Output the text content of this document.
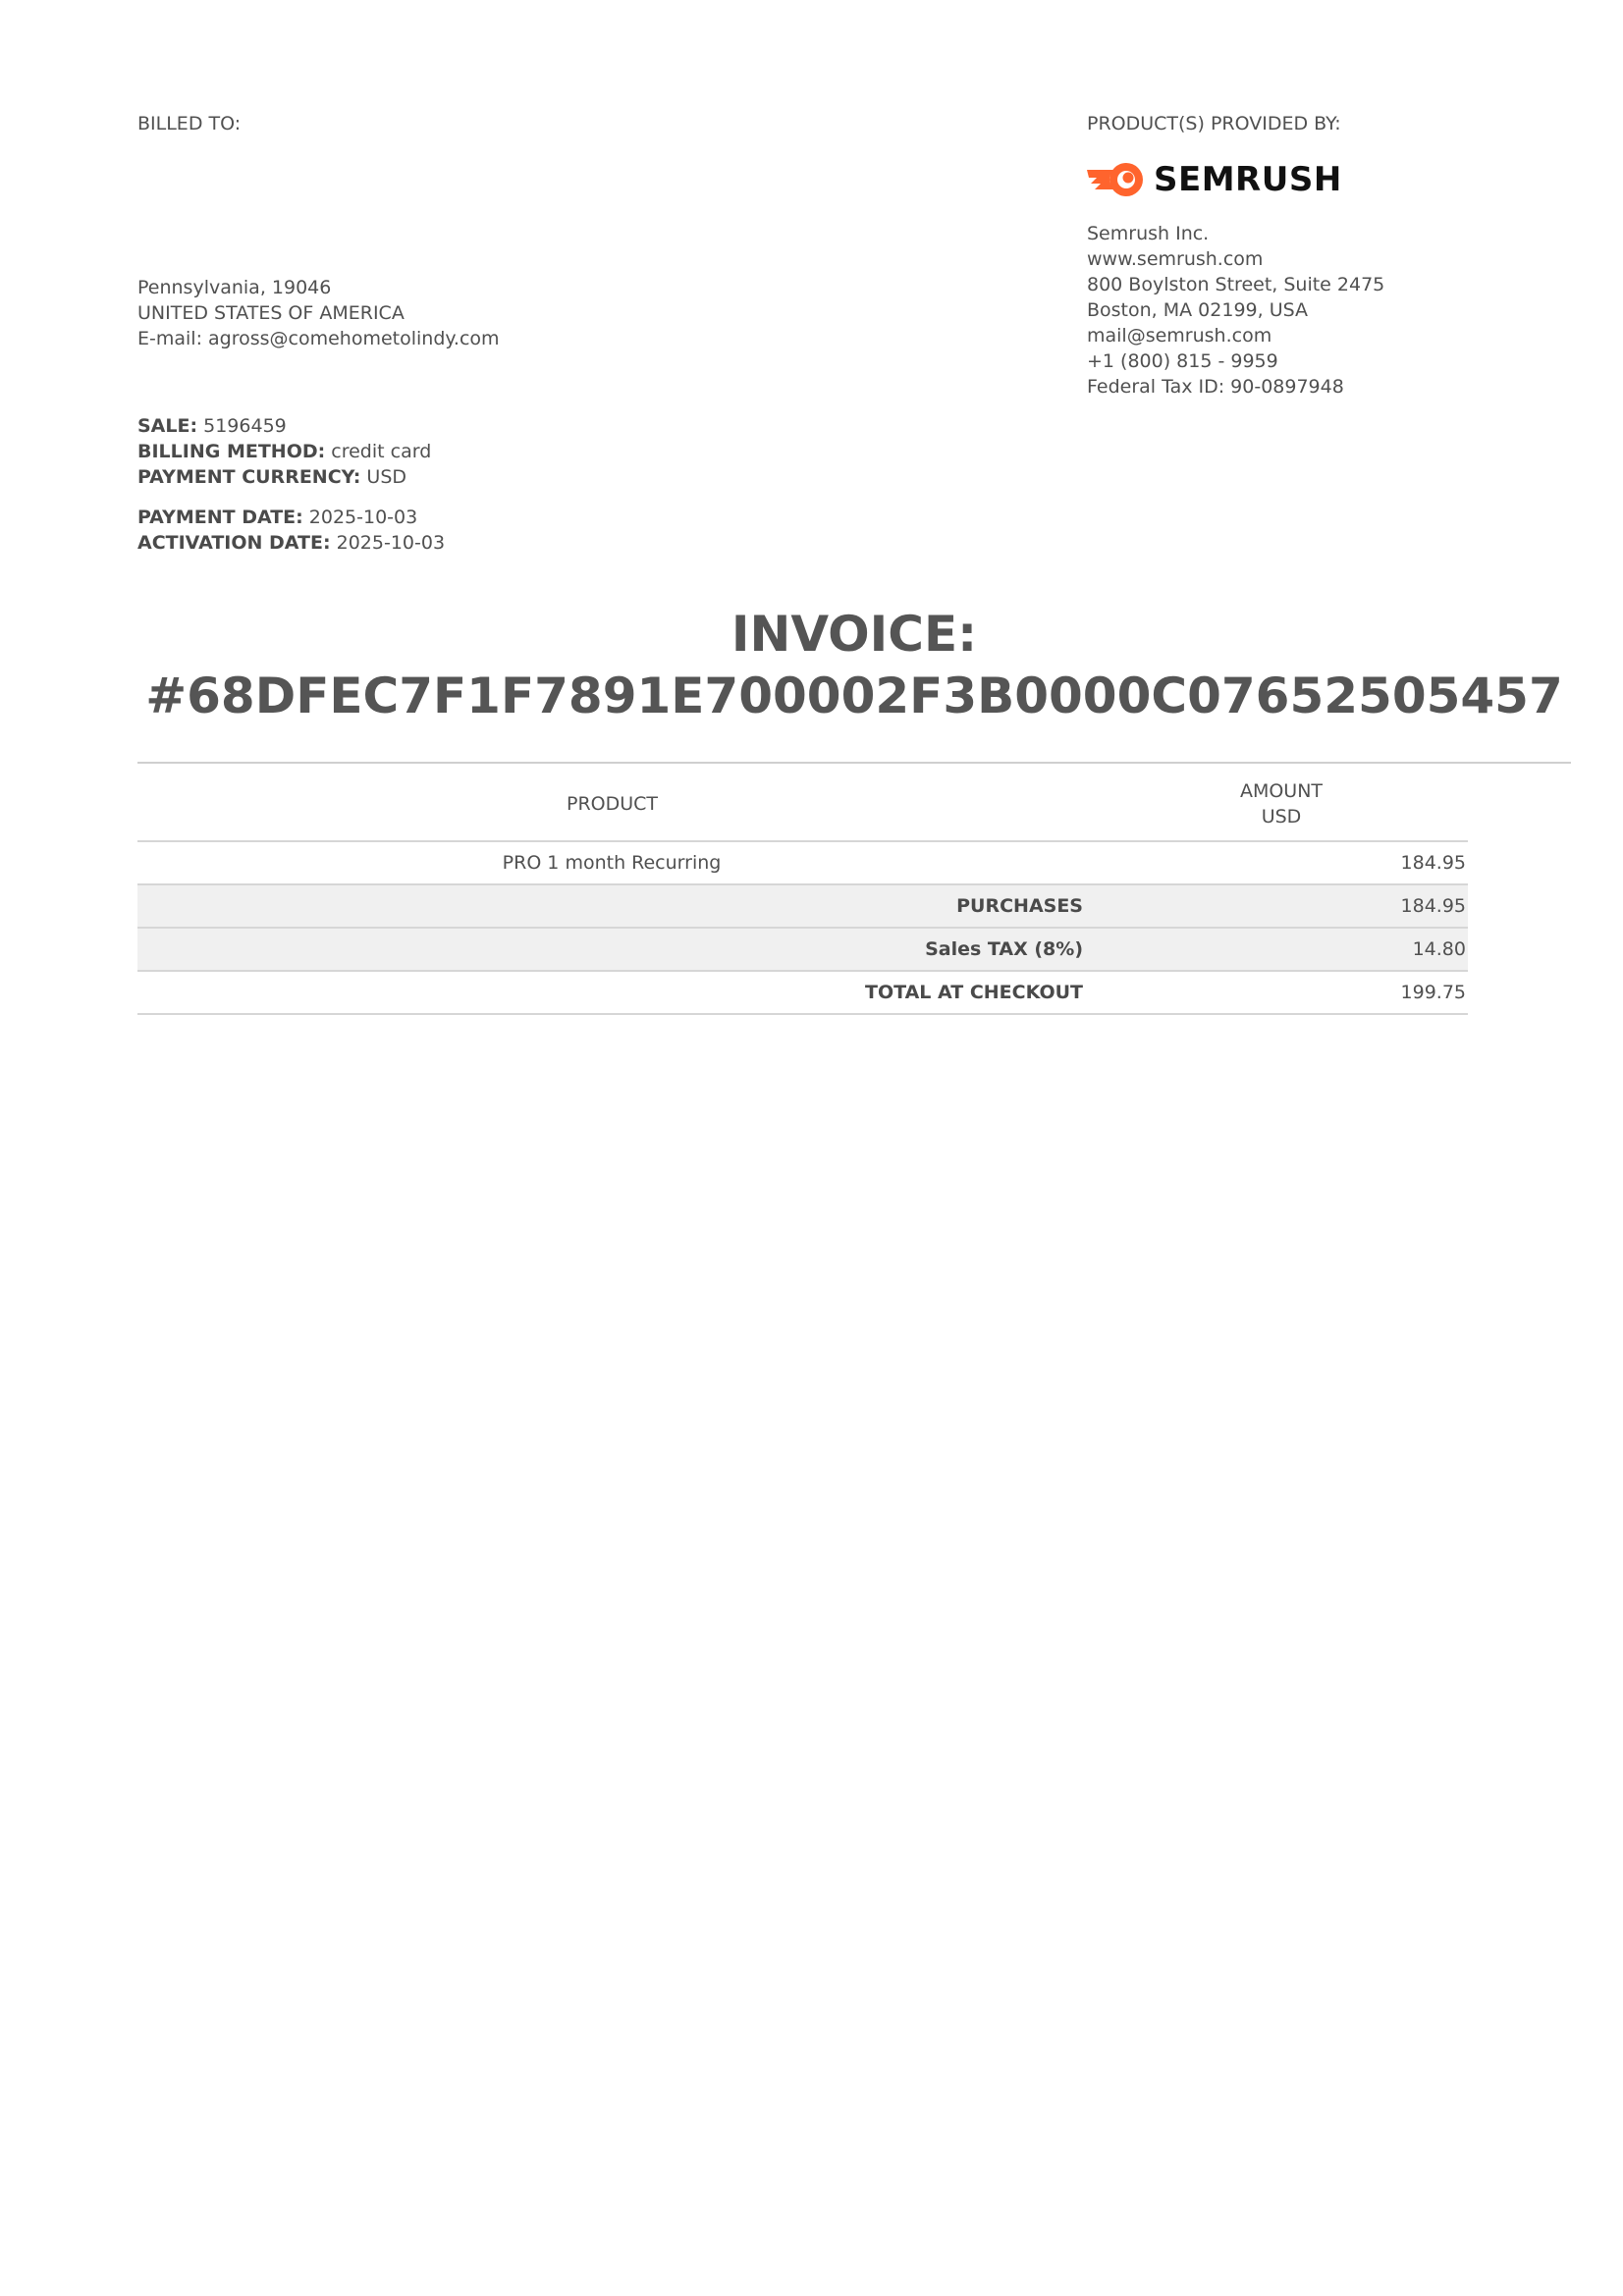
BILLED TO:
Pennsylvania, 19046
UNITED STATES OF AMERICA
E-mail: agross@comehometolindy.com
SALE: 5196459
BILLING METHOD: credit card
PAYMENT CURRENCY: USD
PAYMENT DATE: 2025-10-03
ACTIVATION DATE: 2025-10-03
PRODUCT(S) PROVIDED BY:
SEMRUSH
Semrush Inc.
www.semrush.com
800 Boylston Street, Suite 2475
Boston, MA 02199, USA
mail@semrush.com
+1 (800) 815 - 9959
Federal Tax ID: 90-0897948
INVOICE:
#68DFEC7F1F7891E700002F3B0000C07652505457
PRODUCT	AMOUNT
USD

PRO 1 month Recurring	184.95
PURCHASES	184.95
Sales TAX (8%)	14.80
TOTAL AT CHECKOUT	199.75
